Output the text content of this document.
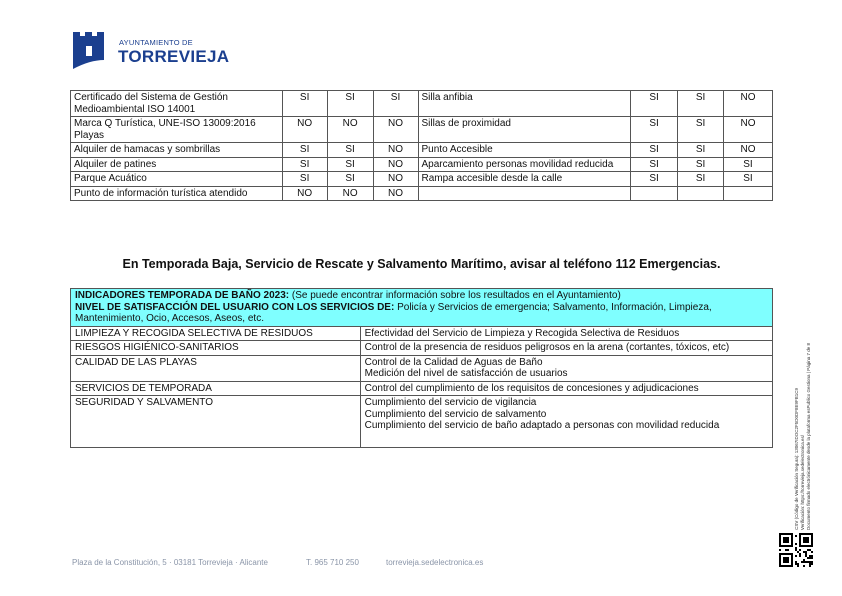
AYUNTAMIENTO DE
TORREVIEJA
Certificado del Sistema de Gestión Medioambiental ISO 14001	SI	SI	SI	Silla anfibia	SI	SI	NO
Marca Q Turística, UNE-ISO 13009:2016 Playas	NO	NO	NO	Sillas de proximidad	SI	SI	NO
Alquiler de hamacas y sombrillas	SI	SI	NO	Punto Accesible	SI	SI	NO
Alquiler de patines	SI	SI	NO	Aparcamiento personas movilidad reducida	SI	SI	SI
Parque Acuático	SI	SI	NO	Rampa accesible desde la calle	SI	SI	SI
Punto de información turística atendido	NO	NO	NO				
En Temporada Baja, Servicio de Rescate y Salvamento Marítimo, avisar al teléfono 112 Emergencias.
INDICADORES TEMPORADA DE BAÑO 2023: (Se puede encontrar información sobre los resultados en el Ayuntamiento)
NIVEL DE SATISFACCIÓN DEL USUARIO CON LOS SERVICIOS DE: Policía y Servicios de emergencia; Salvamento, Información, Limpieza, Mantenimiento, Ocio, Accesos, Aseos, etc.	
LIMPIEZA Y RECOGIDA SELECTIVA DE RESIDUOS	Efectividad del Servicio de Limpieza y Recogida Selectiva de Residuos

RIESGOS HIGIÉNICO-SANITARIOS	Control de la presencia de residuos peligrosos en la arena (cortantes, tóxicos, etc)

CALIDAD DE LAS PLAYAS	Control de la Calidad de Aguas de Baño
Medición del nivel de satisfacción de usuarios

SERVICIOS DE TEMPORADA	Control del cumplimiento de los requisitos de concesiones y adjudicaciones

SEGURIDAD Y SALVAMENTO	Cumplimiento del servicio de vigilancia
Cumplimiento del servicio de salvamento
Cumplimiento del servicio de baño adaptado a personas con movilidad reducida	CSV (Código de Verificación Segura): 13067IDOC2F5D0DF8E9FB1C9 Verificación: https://torrevieja.sedelectronica.es/ Documento firmado electrónicamente desde la plataforma esPublico Gestiona | Página 7 de 8
Plaza de la Constitución, 5 · 03181 Torrevieja · Alicante	T. 965 710 250	torrevieja.sedelectronica.es
